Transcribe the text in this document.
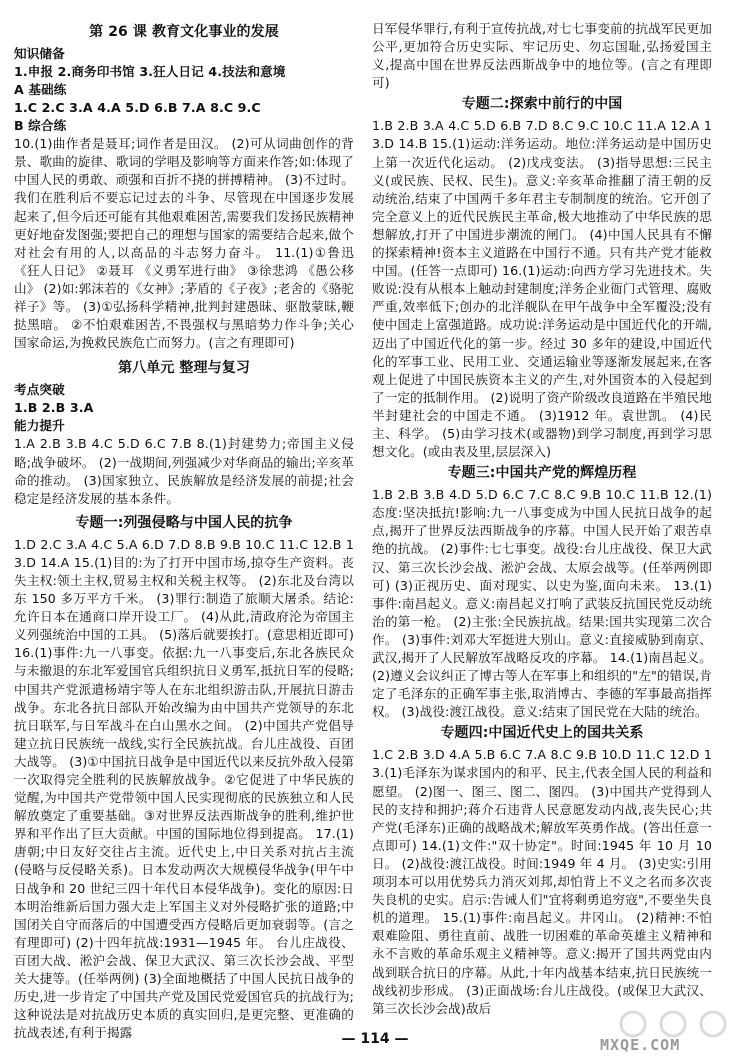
第 26 课 教育文化事业的发展
知识储备
1.申报 2.商务印书馆 3.狂人日记 4.技法和意境
A 基础练
1.C 2.C 3.A 4.A 5.D 6.B 7.A 8.C 9.C
B 综合练
10.(1)曲作者是聂耳;词作者是田汉。 (2)可从词曲创作的背景、歌曲的旋律、歌词的学唱及影响等方面来作答;如:体现了中国人民的勇敢、顽强和百折不挠的拼搏精神。 (3)不过时。我们在胜利后不要忘记过去的斗争、尽管现在中国逐步发展起来了,但今后还可能有其他艰难困苦,需要我们发扬民族精神更好地奋发图强;要把自己的理想与国家的需要结合起来,做个对社会有用的人,以高品的斗志努力奋斗。 11.(1)①鲁迅 《狂人日记》 ②聂耳 《义勇军进行曲》 ③徐悲鸿 《愚公移山》 (2)如:郭沫若的《女神》;茅盾的《子夜》;老舍的《骆驼祥子》等。 (3)①弘扬科学精神,批判封建愚昧、驱散蒙昧,鞭挞黑暗。 ②不怕艰难困苦,不畏强权与黑暗势力作斗争;关心国家命运,为挽救民族危亡而努力。(言之有理即可)
第八单元 整理与复习
考点突破
1.B 2.B 3.A
能力提升
1.A 2.B 3.B 4.C 5.D 6.C 7.B 8.(1)封建势力;帝国主义侵略;战争破坏。 (2)一战期间,列强减少对华商品的输出;辛亥革命的推动。 (3)国家独立、民族解放是经济发展的前提;社会稳定是经济发展的基本条件。
专题一:列强侵略与中国人民的抗争
1.D 2.C 3.A 4.C 5.A 6.D 7.D 8.B 9.B 10.C 11.C 12.B 13.D 14.A 15.(1)目的:为了打开中国市场,掠夺生产资料。丧失主权:领土主权,贸易主权和关税主权等。 (2)东北及台湾以东 150 多万平方千米。 (3)罪行:制造了旅顺大屠杀。结论:允许日本在通商口岸开设工厂。 (4)从此,清政府沦为帝国主义列强统治中国的工具。 (5)落后就要挨打。(意思相近即可) 16.(1)事件:九一八事变。依据:九一八事变后,东北各族民众与未撤退的东北军爱国官兵组织抗日义勇军,抵抗日军的侵略;中国共产党派遣杨靖宇等人在东北组织游击队,开展抗日游击战争。东北各抗日部队开始改编为由中国共产党领导的东北抗日联军,与日军战斗在白山黑水之间。 (2)中国共产党倡导建立抗日民族统一战线,实行全民族抗战。台儿庄战役、百团大战等。 (3)①中国抗日战争是中国近代以来反抗外敌入侵第一次取得完全胜利的民族解放战争。②它促进了中华民族的觉醒,为中国共产党带领中国人民实现彻底的民族独立和人民解放奠定了重要基础。③对世界反法西斯战争的胜利,维护世界和平作出了巨大贡献。中国的国际地位得到提高。 17.(1)唐朝;中日友好交往占主流。近代史上,中日关系对抗占主流(侵略与反侵略关系)。日本发动两次大规模侵华战争(甲午中日战争和 20 世纪三四十年代日本侵华战争)。变化的原因:日本明治维新后国力强大走上军国主义对外侵略扩张的道路;中国闭关自守而落后的中国遭受西方侵略后更加衰弱等。(言之有理即可) (2)十四年抗战:1931—1945 年。 台儿庄战役、百团大战、淞沪会战、保卫大武汉、第三次长沙会战、平型关大捷等。(任举两例) (3)全面地概括了中国人民抗日战争的历史,进一步肯定了中国共产党及国民党爱国官兵的抗战行为;这种说法是对抗战历史本质的真实回归,是更完整、更准确的抗战表述,有利于揭露
日军侵华罪行,有利于宣传抗战,对七七事变前的抗战军民更加公平,更加符合历史实际、牢记历史、勿忘国耻,弘扬爱国主义,提高中国在世界反法西斯战争中的地位等。(言之有理即可)
专题二:探索中前行的中国
1.B 2.B 3.A 4.C 5.D 6.B 7.D 8.C 9.C 10.C 11.A 12.A 13.D 14.B 15.(1)运动:洋务运动。地位:洋务运动是中国历史上第一次近代化运动。 (2)戊戌变法。 (3)指导思想:三民主义(或民族、民权、民生)。意义:辛亥革命推翻了清王朝的反动统治,结束了中国两千多年君主专制制度的统治。它开创了完全意义上的近代民族民主革命,极大地推动了中华民族的思想解放,打开了中国进步潮流的闸门。 (4)中国人民具有不懈的探索精神!资本主义道路在中国行不通。只有共产党才能救中国。(任答一点即可) 16.(1)运动:向西方学习先进技术。失败说:没有从根本上触动封建制度;洋务企业衙门式管理、腐败严重,效率低下;创办的北洋舰队在甲午战争中全军覆没;没有使中国走上富强道路。成功说:洋务运动是中国近代化的开端,迈出了中国近代化的第一步。经过 30 多年的建设,中国近代化的军事工业、民用工业、交通运输业等逐渐发展起来,在客观上促进了中国民族资本主义的产生,对外国资本的入侵起到了一定的抵制作用。 (2)说明了资产阶级改良道路在半殖民地半封建社会的中国走不通。 (3)1912 年。袁世凯。 (4)民主、科学。 (5)由学习技术(或器物)到学习制度,再到学习思想文化。(或由表及里,层层深入)
专题三:中国共产党的辉煌历程
1.B 2.B 3.B 4.D 5.D 6.C 7.C 8.C 9.B 10.C 11.B 12.(1)态度:坚决抵抗!影响:九一八事变成为中国人民抗日战争的起点,揭开了世界反法西斯战争的序幕。中国人民开始了艰苦卓绝的抗战。 (2)事件:七七事变。战役:台儿庄战役、保卫大武汉、第三次长沙会战、淞沪会战、太原会战等。(任举两例即可) (3)正视历史、面对现实、以史为鉴,面向未来。 13.(1)事件:南昌起义。意义:南昌起义打响了武装反抗国民党反动统治的第一枪。 (2)主张:全民族抗战。结果:国共实现第二次合作。 (3)事件:刘邓大军挺进大别山。意义:直接威胁到南京、武汉,揭开了人民解放军战略反攻的序幕。 14.(1)南昌起义。 (2)遵义会议纠正了博古等人在军事上和组织的"左"的错误,肯定了毛泽东的正确军事主张,取消博古、李德的军事最高指挥权。 (3)战役:渡江战役。意义:结束了国民党在大陆的统治。
专题四:中国近代史上的国共关系
1.C 2.B 3.D 4.A 5.B 6.C 7.A 8.C 9.B 10.D 11.C 12.D 13.(1)毛泽东为谋求国内的和平、民主,代表全国人民的利益和愿望。 (2)图一、图三、图二、图四。 (3)中国共产党得到人民的支持和拥护;蒋介石违背人民意愿发动内战,丧失民心;共产党(毛泽东)正确的战略战术;解放军英勇作战。(答出任意一点即可) 14.(1)文件:"双十协定"。时间:1945 年 10 月 10 日。 (2)战役:渡江战役。时间:1949 年 4 月。 (3)史实:引用项羽本可以用优势兵力消灭刘邦,却怕背上不义之名而多次丧失良机的史实。启示:告诫人们"宜将剩勇追穷寇",不要坐失良机的道理。 15.(1)事件:南昌起义。井冈山。 (2)精神:不怕艰难险阻、勇往直前、战胜一切困难的革命英雄主义精神和永不言败的革命乐观主义精神等。意义:揭开了国共两党由内战到联合抗日的序幕。从此,十年内战基本结束,抗日民族统一战线初步形成。 (3)正面战场:台儿庄战役。(或保卫大武汉、第三次长沙会战)敌后
— 114 —	MXQE.COM
